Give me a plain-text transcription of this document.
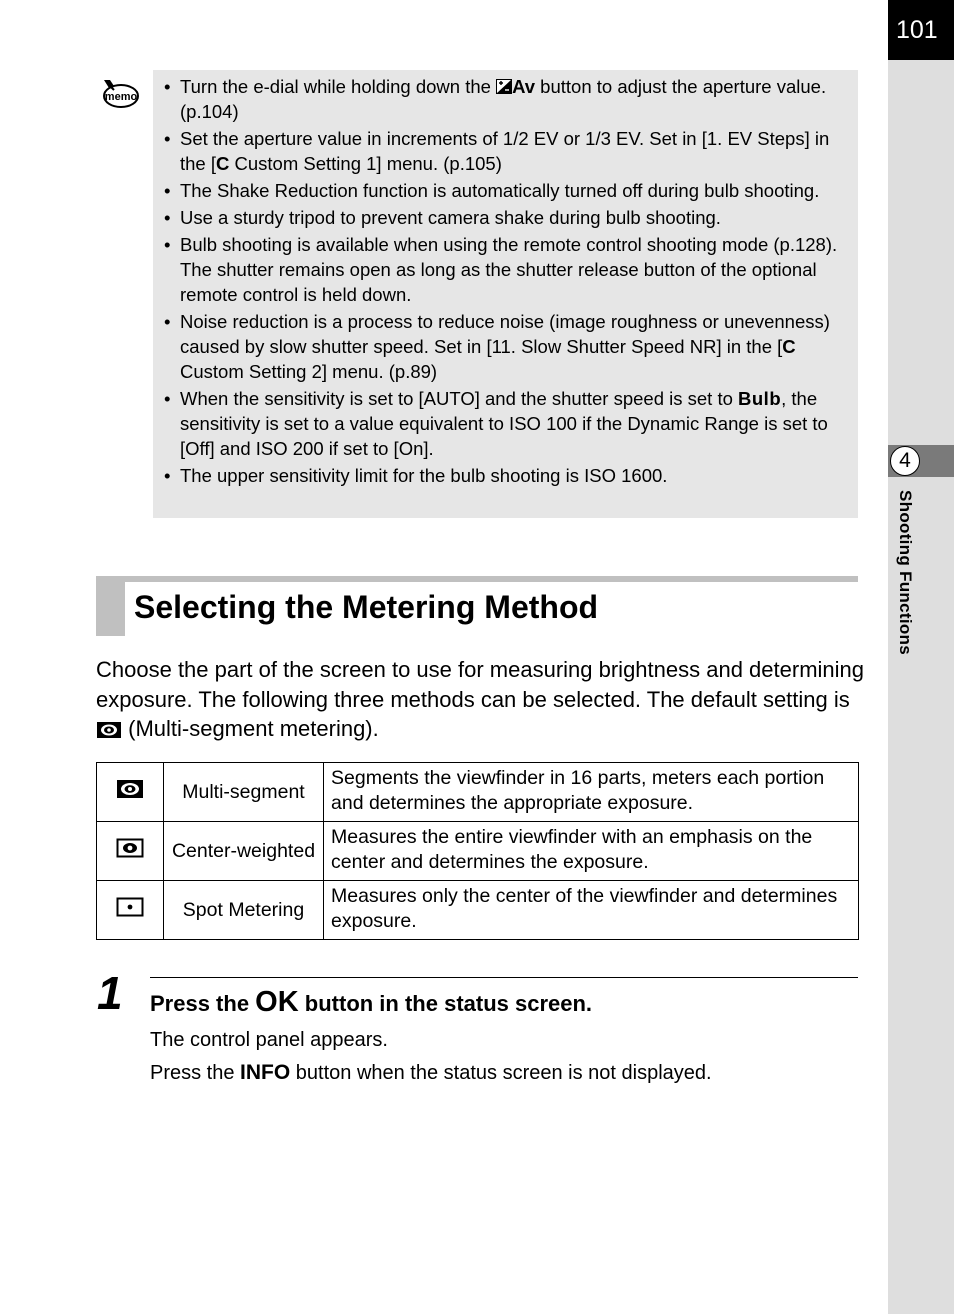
101
4
Shooting Functions
memo	• Turn the e-dial while holding down the Av button to adjust the aperture value. (p.104)
• Set the aperture value in increments of 1/2 EV or 1/3 EV. Set in [1. EV Steps] in the [C Custom Setting 1] menu. (p.105)
• The Shake Reduction function is automatically turned off during bulb shooting.
• Use a sturdy tripod to prevent camera shake during bulb shooting.
• Bulb shooting is available when using the remote control shooting mode (p.128). The shutter remains open as long as the shutter release button of the optional remote control is held down.
• Noise reduction is a process to reduce noise (image roughness or unevenness) caused by slow shutter speed. Set in [11. Slow Shutter Speed NR] in the [C Custom Setting 2] menu. (p.89)
• When the sensitivity is set to [AUTO] and the shutter speed is set to Bulb, the sensitivity is set to a value equivalent to ISO 100 if the Dynamic Range is set to [Off] and ISO 200 if set to [On].
• The upper sensitivity limit for the bulb shooting is ISO 1600.
Selecting the Metering Method

Choose the part of the screen to use for measuring brightness and determining exposure. The following three methods can be selected. The default setting is  (Multi-segment metering).

	Multi-segment	Segments the viewfinder in 16 parts, meters each portion and determines the appropriate exposure.
	Center-weighted	Measures the entire viewfinder with an emphasis on the center and determines the exposure.
	Spot Metering	Measures only the center of the viewfinder and determines exposure.
1 Press the OK button in the status screen.

The control panel appears.

Press the INFO button when the status screen is not displayed.
